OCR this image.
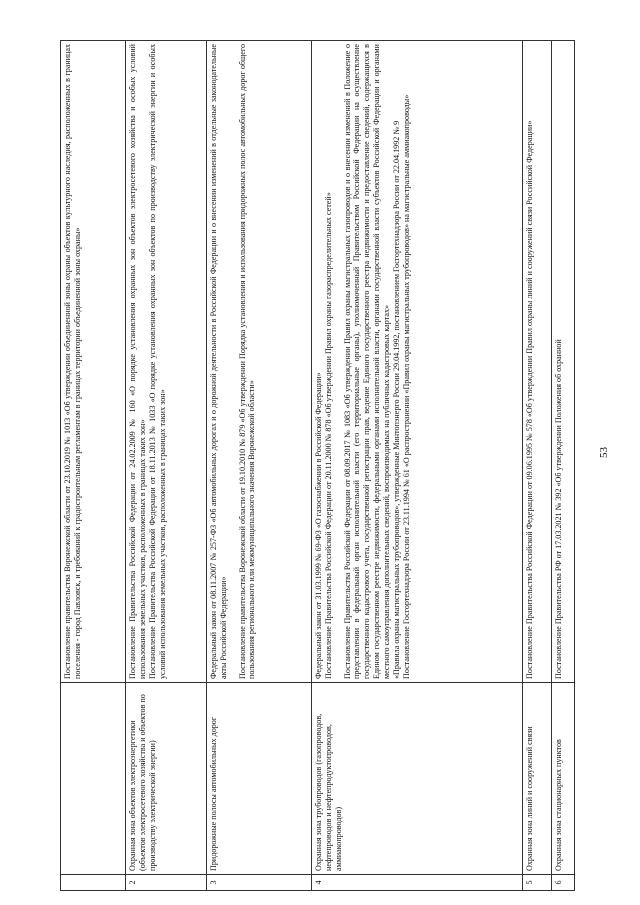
53

		Постановление правительства Воронежской области от 23.10.2019 № 1013 «Об утверждении объединенной зоны охраны объектов культурного наследия, расположенных в границах поселения - город Павловск, и требований к градостроительным регламентам в границах территории объединенной зоны охраны»

2	Охранная зона объектов электроэнергетики (объектов электросетевого хозяйства и объектов по производству электрической энергии)	Постановление Правительства Российской Федерации от 24.02.2009 № 160 «О порядке установления охранных зон объектов электросетевого хозяйства и особых условий использования земельных участков, расположенных в границах таких зон» Постановление Правительства Российской Федерации от 18.11.2013 № 1033 «О порядке установления охранных зон объектов по производству электрической энергии и особых условий использования земельных участков, расположенных в границах таких зон»

3	Придорожные полосы автомобильных дорог	Федеральный закон от 08.11.2007 № 257-ФЗ «Об автомобильных дорогах и о дорожной деятельности в Российской Федерации и о внесении изменений в отдельные законодательные акты Российской Федерации» Постановление правительства Воронежской области от 19.10.2010 № 879 «Об утверждении Порядка установления и использования придорожных полос автомобильных дорог общего пользования регионального или межмуниципального значения Воронежской области»

4	Охранная зона трубопроводов (газопроводов, нефтепроводов и нефтепродуктопроводов, аммиакопроводов)	Федеральный закон от 31.03.1999 № 69-ФЗ «О газоснабжении в Российской Федерации» Постановление Правительства Российской Федерации от 20.11.2000 № 878 «Об утверждении Правил охраны газораспределительных сетей» Постановление Правительства Российской Федерации от 08.09.2017 № 1083 «Об утверждении Правил охраны магистральных газопроводов и о внесении изменений в Положение о представлении в федеральный орган исполнительной власти (его территориальные органы), уполномоченный Правительством Российской Федерации на осуществление государственного кадастрового учета, государственной регистрации прав, ведение Единого государственного реестра недвижимости и предоставление сведений, содержащихся в Едином государственном реестре недвижимости, федеральными органами исполнительной власти, органами государственной власти субъектов Российской Федерации и органами местного самоуправления дополнительных сведений, воспроизводимых на публичных кадастровых картах» «Правила охраны магистральных трубопроводов», утвержденные Минтопэнерго России 29.04.1992, постановлением Госгортехнадзора России от 22.04.1992 № 9 Постановление Госгортехнадзора России от 23.11.1994 № 61 «О распространении «Правил охраны магистральных трубопроводов» на магистральные аммиакопроводы»

5	Охранная зона линий и сооружений связи	Постановление Правительства Российской Федерации от 09.06.1995 № 578 «Об утверждении Правил охраны линий и сооружений связи Российской Федерации»

6	Охранная зона стационарных пунктов	Постановление Правительства РФ от 17.03.2021 № 392 «Об утверждении Положения об охранной
